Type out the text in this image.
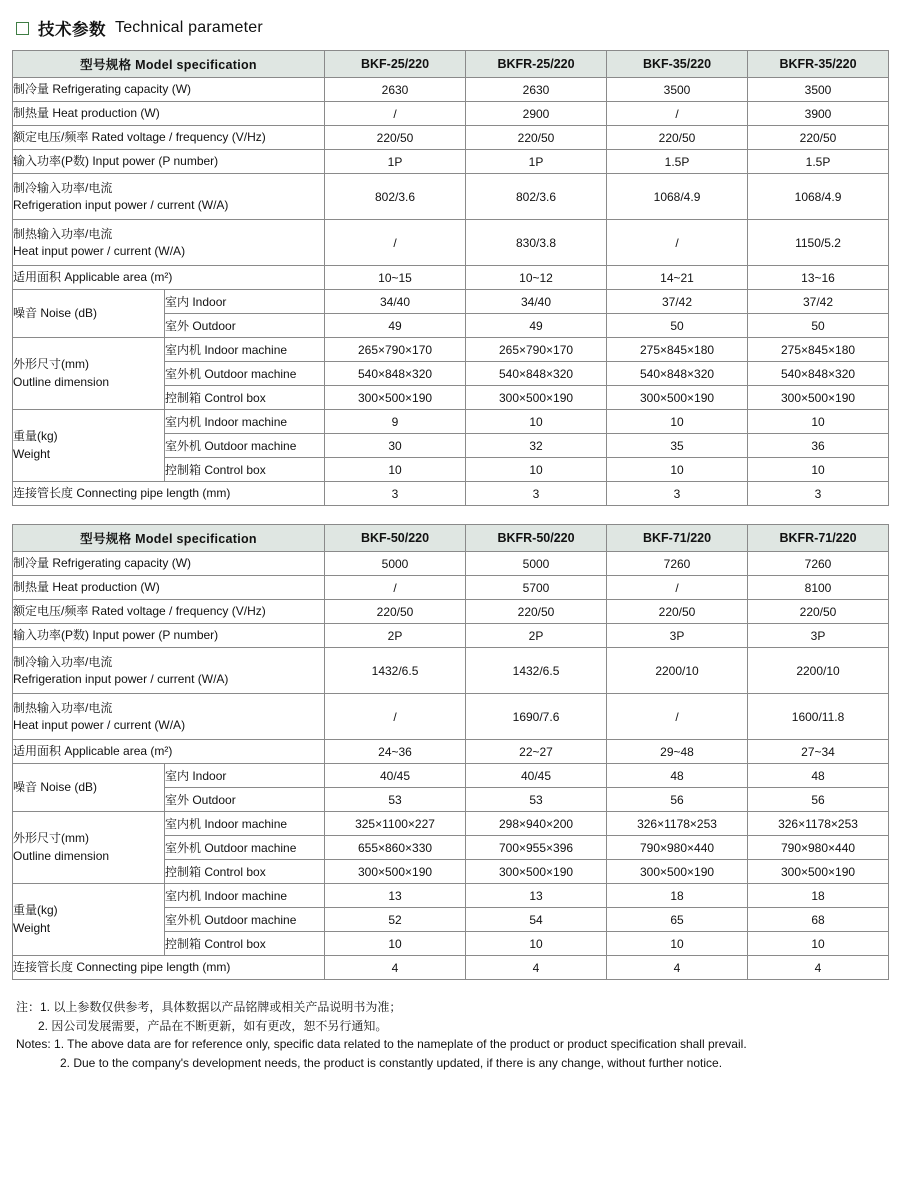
技术参数 Technical parameter
型号规格 Model specification		BKF-25/220	BKFR-25/220	BKF-35/220	BKFR-35/220
制冷量 Refrigerating capacity (W)		2630	2630	3500	3500
制热量 Heat production (W)		/	2900	/	3900
额定电压/频率 Rated voltage / frequency (V/Hz)		220/50	220/50	220/50	220/50
输入功率(P数) Input power (P number)		1P	1P	1.5P	1.5P

制冷输入功率/电流
Refrigeration input power / current (W/A)		802/3.6	802/3.6	1068/4.9	1068/4.9

制热输入功率/电流
Heat input power / current (W/A)		/	830/3.8	/	1150/5.2
适用面积 Applicable area (m²)		10~15	10~12	14~21	13~16

噪音 Noise (dB)	室内 Indoor	34/40	34/40	37/42	37/42
	室外 Outdoor	49	49	50	50

外形尺寸(mm)
Outline dimension	室内机 Indoor machine	265×790×170	265×790×170	275×845×180	275×845×180
	室外机 Outdoor machine	540×848×320	540×848×320	540×848×320	540×848×320
	控制箱 Control box	300×500×190	300×500×190	300×500×190	300×500×190

重量(kg)
Weight	室内机 Indoor machine	9	10	10	10
	室外机 Outdoor machine	30	32	35	36
	控制箱 Control box	10	10	10	10
连接管长度 Connecting pipe length (mm)		3	3	3	3
型号规格 Model specification		BKF-50/220	BKFR-50/220	BKF-71/220	BKFR-71/220
制冷量 Refrigerating capacity (W)		5000	5000	7260	7260
制热量 Heat production (W)		/	5700	/	8100
额定电压/频率 Rated voltage / frequency (V/Hz)		220/50	220/50	220/50	220/50
输入功率(P数) Input power (P number)		2P	2P	3P	3P

制冷输入功率/电流
Refrigeration input power / current (W/A)		1432/6.5	1432/6.5	2200/10	2200/10

制热输入功率/电流
Heat input power / current (W/A)		/	1690/7.6	/	1600/11.8
适用面积 Applicable area (m²)		24~36	22~27	29~48	27~34

噪音 Noise (dB)	室内 Indoor	40/45	40/45	48	48
	室外 Outdoor	53	53	56	56

外形尺寸(mm)
Outline dimension	室内机 Indoor machine	325×1100×227	298×940×200	326×1178×253	326×1178×253
	室外机 Outdoor machine	655×860×330	700×955×396	790×980×440	790×980×440
	控制箱 Control box	300×500×190	300×500×190	300×500×190	300×500×190

重量(kg)
Weight	室内机 Indoor machine	13	13	18	18
	室外机 Outdoor machine	52	54	65	68
	控制箱 Control box	10	10	10	10
连接管长度 Connecting pipe length (mm)		4	4	4	4
注：1. 以上参数仅供参考，具体数据以产品铭牌或相关产品说明书为准；
2. 因公司发展需要，产品在不断更新，如有更改，恕不另行通知。
Notes: 1. The above data are for reference only, specific data related to the nameplate of the product or product specification shall prevail.
2. Due to the company's development needs, the product is constantly updated, if there is any change, without further notice.
